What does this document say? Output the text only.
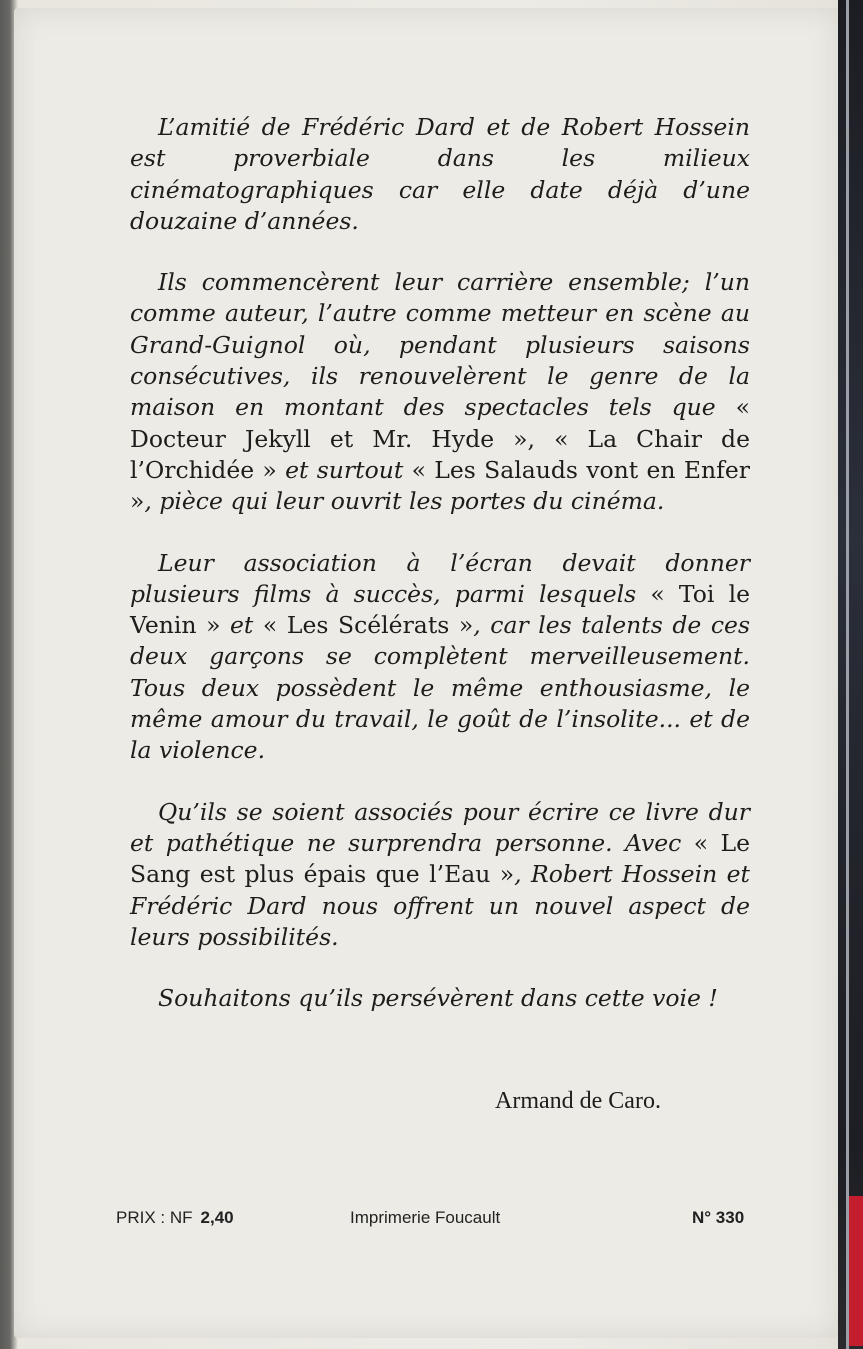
L’amitié de Frédéric Dard et de Robert Hossein est proverbiale dans les milieux cinématographiques car elle date déjà d’une douzaine d’années.

Ils commencèrent leur carrière ensemble; l’un comme auteur, l’autre comme metteur en scène au Grand-Guignol où, pendant plusieurs saisons consécutives, ils renouvelèrent le genre de la maison en montant des spectacles tels que « Docteur Jekyll et Mr. Hyde », « La Chair de l’Orchidée » et surtout « Les Salauds vont en Enfer », pièce qui leur ouvrit les portes du cinéma.

Leur association à l’écran devait donner plusieurs films à succès, parmi lesquels « Toi le Venin » et « Les Scélérats », car les talents de ces deux garçons se complètent merveilleusement. Tous deux possèdent le même enthousiasme, le même amour du travail, le goût de l’insolite... et de la violence.

Qu’ils se soient associés pour écrire ce livre dur et pathétique ne surprendra personne. Avec « Le Sang est plus épais que l’Eau », Robert Hossein et Frédéric Dard nous offrent un nouvel aspect de leurs possibilités.

Souhaitons qu’ils persévèrent dans cette voie !

Armand de Caro.
PRIX : NF 2,40	Imprimerie Foucault	N° 330
